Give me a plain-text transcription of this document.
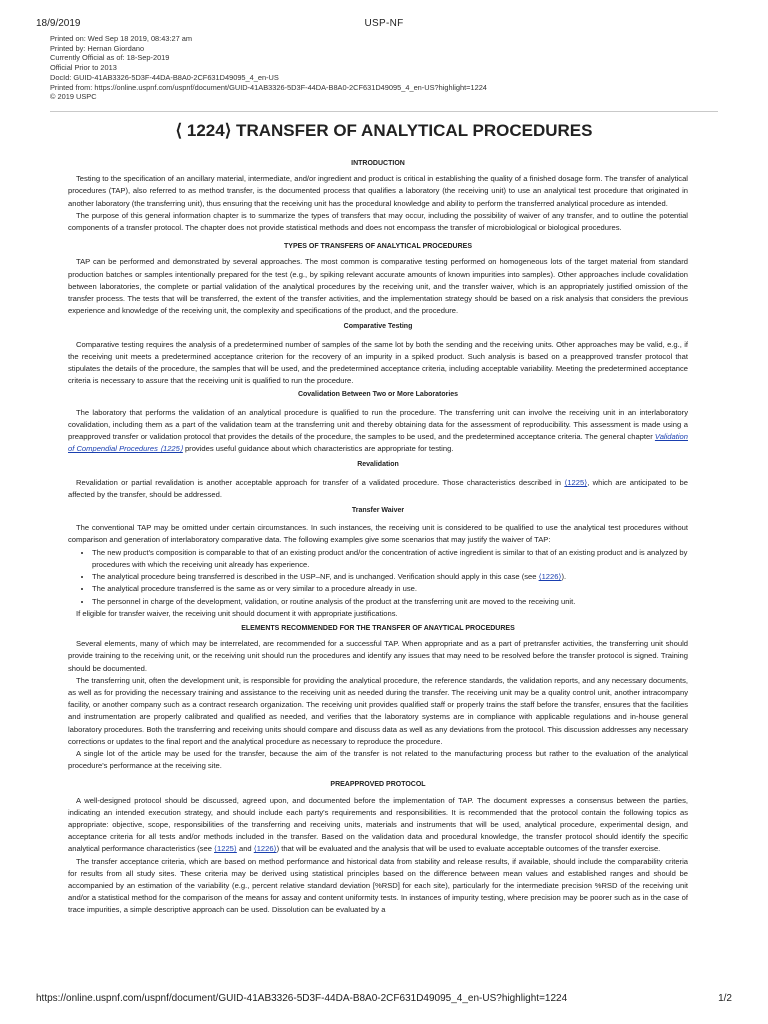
18/9/2019	USP-NF
Printed on: Wed Sep 18 2019, 08:43:27 am
Printed by: Hernan Giordano
Currently Official as of: 18-Sep-2019
Official Prior to 2013
DocId: GUID-41AB3326-5D3F-44DA-B8A0-2CF631D49095_4_en-US
Printed from: https://online.uspnf.com/uspnf/document/GUID-41AB3326-5D3F-44DA-B8A0-2CF631D49095_4_en-US?highlight=1224
© 2019 USPC
⟨ 1224⟩ TRANSFER OF ANALYTICAL PROCEDURES
INTRODUCTION

Testing to the specification of an ancillary material, intermediate, and/or ingredient and product is critical in establishing the quality of a finished dosage form. The transfer of analytical procedures (TAP), also referred to as method transfer, is the documented process that qualifies a laboratory (the receiving unit) to use an analytical test procedure that originated in another laboratory (the transferring unit), thus ensuring that the receiving unit has the procedural knowledge and ability to perform the transferred analytical procedure as intended.

The purpose of this general information chapter is to summarize the types of transfers that may occur, including the possibility of waiver of any transfer, and to outline the potential components of a transfer protocol. The chapter does not provide statistical methods and does not encompass the transfer of microbiological or biological procedures.

TYPES OF TRANSFERS OF ANALYTICAL PROCEDURES

TAP can be performed and demonstrated by several approaches. The most common is comparative testing performed on homogeneous lots of the target material from standard production batches or samples intentionally prepared for the test (e.g., by spiking relevant accurate amounts of known impurities into samples). Other approaches include covalidation between laboratories, the complete or partial validation of the analytical procedures by the receiving unit, and the transfer waiver, which is an appropriately justified omission of the transfer process. The tests that will be transferred, the extent of the transfer activities, and the implementation strategy should be based on a risk analysis that considers the previous experience and knowledge of the receiving unit, the complexity and specifications of the product, and the procedure.

Comparative Testing

Comparative testing requires the analysis of a predetermined number of samples of the same lot by both the sending and the receiving units. Other approaches may be valid, e.g., if the receiving unit meets a predetermined acceptance criterion for the recovery of an impurity in a spiked product. Such analysis is based on a preapproved transfer protocol that stipulates the details of the procedure, the samples that will be used, and the predetermined acceptance criteria, including acceptable variability. Meeting the predetermined acceptance criteria is necessary to assure that the receiving unit is qualified to run the procedure.

Covalidation Between Two or More Laboratories

The laboratory that performs the validation of an analytical procedure is qualified to run the procedure. The transferring unit can involve the receiving unit in an interlaboratory covalidation, including them as a part of the validation team at the transferring unit and thereby obtaining data for the assessment of reproducibility. This assessment is made using a preapproved transfer or validation protocol that provides the details of the procedure, the samples to be used, and the predetermined acceptance criteria. The general chapter Validation of Compendial Procedures ⟨1225⟩ provides useful guidance about which characteristics are appropriate for testing.

Revalidation

Revalidation or partial revalidation is another acceptable approach for transfer of a validated procedure. Those characteristics described in ⟨1225⟩, which are anticipated to be affected by the transfer, should be addressed.

Transfer Waiver

The conventional TAP may be omitted under certain circumstances. In such instances, the receiving unit is considered to be qualified to use the analytical test procedures without comparison and generation of interlaboratory comparative data. The following examples give some scenarios that may justify the waiver of TAP:

• The new product's composition is comparable to that of an existing product and/or the concentration of active ingredient is similar to that of an existing product and is analyzed by procedures with which the receiving unit already has experience.
• The analytical procedure being transferred is described in the USP–NF, and is unchanged. Verification should apply in this case (see ⟨1226⟩).
• The analytical procedure transferred is the same as or very similar to a procedure already in use.
• The personnel in charge of the development, validation, or routine analysis of the product at the transferring unit are moved to the receiving unit.

If eligible for transfer waiver, the receiving unit should document it with appropriate justifications.

ELEMENTS RECOMMENDED FOR THE TRANSFER OF ANAYTICAL PROCEDURES

Several elements, many of which may be interrelated, are recommended for a successful TAP. When appropriate and as a part of pretransfer activities, the transferring unit should provide training to the receiving unit, or the receiving unit should run the procedures and identify any issues that may need to be resolved before the transfer protocol is signed. Training should be documented.

The transferring unit, often the development unit, is responsible for providing the analytical procedure, the reference standards, the validation reports, and any necessary documents, as well as for providing the necessary training and assistance to the receiving unit as needed during the transfer. The receiving unit may be a quality control unit, another intracompany facility, or another company such as a contract research organization. The receiving unit provides qualified staff or properly trains the staff before the transfer, ensures that the facilities and instrumentation are properly calibrated and qualified as needed, and verifies that the laboratory systems are in compliance with applicable regulations and in-house general laboratory procedures. Both the transferring and receiving units should compare and discuss data as well as any deviations from the protocol. This discussion addresses any necessary corrections or updates to the final report and the analytical procedure as necessary to reproduce the procedure.

A single lot of the article may be used for the transfer, because the aim of the transfer is not related to the manufacturing process but rather to the evaluation of the analytical procedure's performance at the receiving site.

PREAPPROVED PROTOCOL

A well-designed protocol should be discussed, agreed upon, and documented before the implementation of TAP. The document expresses a consensus between the parties, indicating an intended execution strategy, and should include each party's requirements and responsibilities. It is recommended that the protocol contain the following topics as appropriate: objective, scope, responsibilities of the transferring and receiving units, materials and instruments that will be used, analytical procedure, experimental design, and acceptance criteria for all tests and/or methods included in the transfer. Based on the validation data and procedural knowledge, the transfer protocol should identify the specific analytical performance characteristics (see ⟨1225⟩ and ⟨1226⟩) that will be evaluated and the analysis that will be used to evaluate acceptable outcomes of the transfer exercise.

The transfer acceptance criteria, which are based on method performance and historical data from stability and release results, if available, should include the comparability criteria for results from all study sites. These criteria may be derived using statistical principles based on the difference between mean values and established ranges and should be accompanied by an estimation of the variability (e.g., percent relative standard deviation [%RSD] for each site), particularly for the intermediate precision %RSD of the receiving unit and/or a statistical method for the comparison of the means for assay and content uniformity tests. In instances of impurity testing, where precision may be poorer such as in the case of trace impurities, a simple descriptive approach can be used. Dissolution can be evaluated by a

https://online.uspnf.com/uspnf/document/GUID-41AB3326-5D3F-44DA-B8A0-2CF631D49095_4_en-US?highlight=1224	1/2
